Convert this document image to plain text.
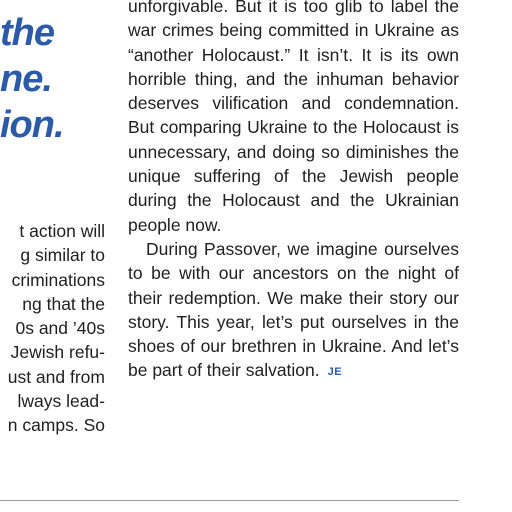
the
ne.
ion.
t action will
g similar to
criminations
ng that the
0s and ’40s
Jewish refu-
ust and from
lways lead-
n camps. So

unforgivable. But it is too glib to label the war crimes being committed in Ukraine as “another Holocaust.” It isn’t. It is its own horrible thing, and the inhuman behavior deserves vilification and condemnation. But comparing Ukraine to the Holocaust is unnecessary, and doing so diminishes the unique suffering of the Jewish people during the Holocaust and the Ukrainian people now.

During Passover, we imagine ourselves to be with our ancestors on the night of their redemption. We make their story our story. This year, let’s put ourselves in the shoes of our brethren in Ukraine. And let’s be part of their salvation. JE
